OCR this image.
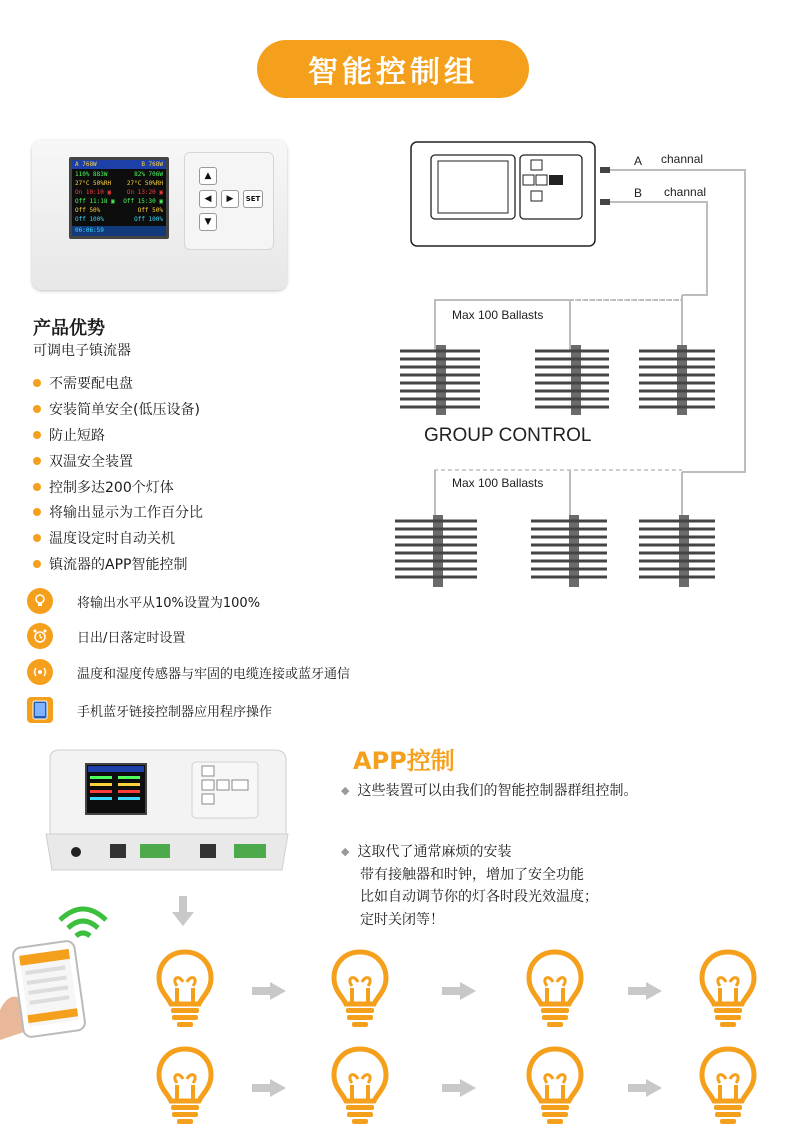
智能控制组
A 768W	B 768W
110% 883W	82% 706W
27°C 50%RH	27°C 50%RH
On 10:10 ▣	On 13:20 ▣
Off 11:18 ▣ Off 15:30 ▣
Off 50%	Off 50%
Off 100%	Off 100%
06:06:59
▲
◀	▶	SET
▼
A channal
B channal
Max 100 Ballasts
Max 100 Ballasts
GROUP CONTROL
产品优势
可调电子镇流器
不需要配电盘
安装简单安全(低压设备)
防止短路
双温安全装置
控制多达200个灯体
将输出显示为工作百分比
温度设定时自动关机
镇流器的APP智能控制
将输出水平从10%设置为100%
日出/日落定时设置
温度和湿度传感器与牢固的电缆连接或蓝牙通信
手机蓝牙链接控制器应用程序操作
APP控制
◆ 这些装置可以由我们的智能控制器群组控制。
◆ 这取代了通常麻烦的安装
带有接触器和时钟，增加了安全功能
比如自动调节你的灯各时段光效温度；
定时关闭等！
